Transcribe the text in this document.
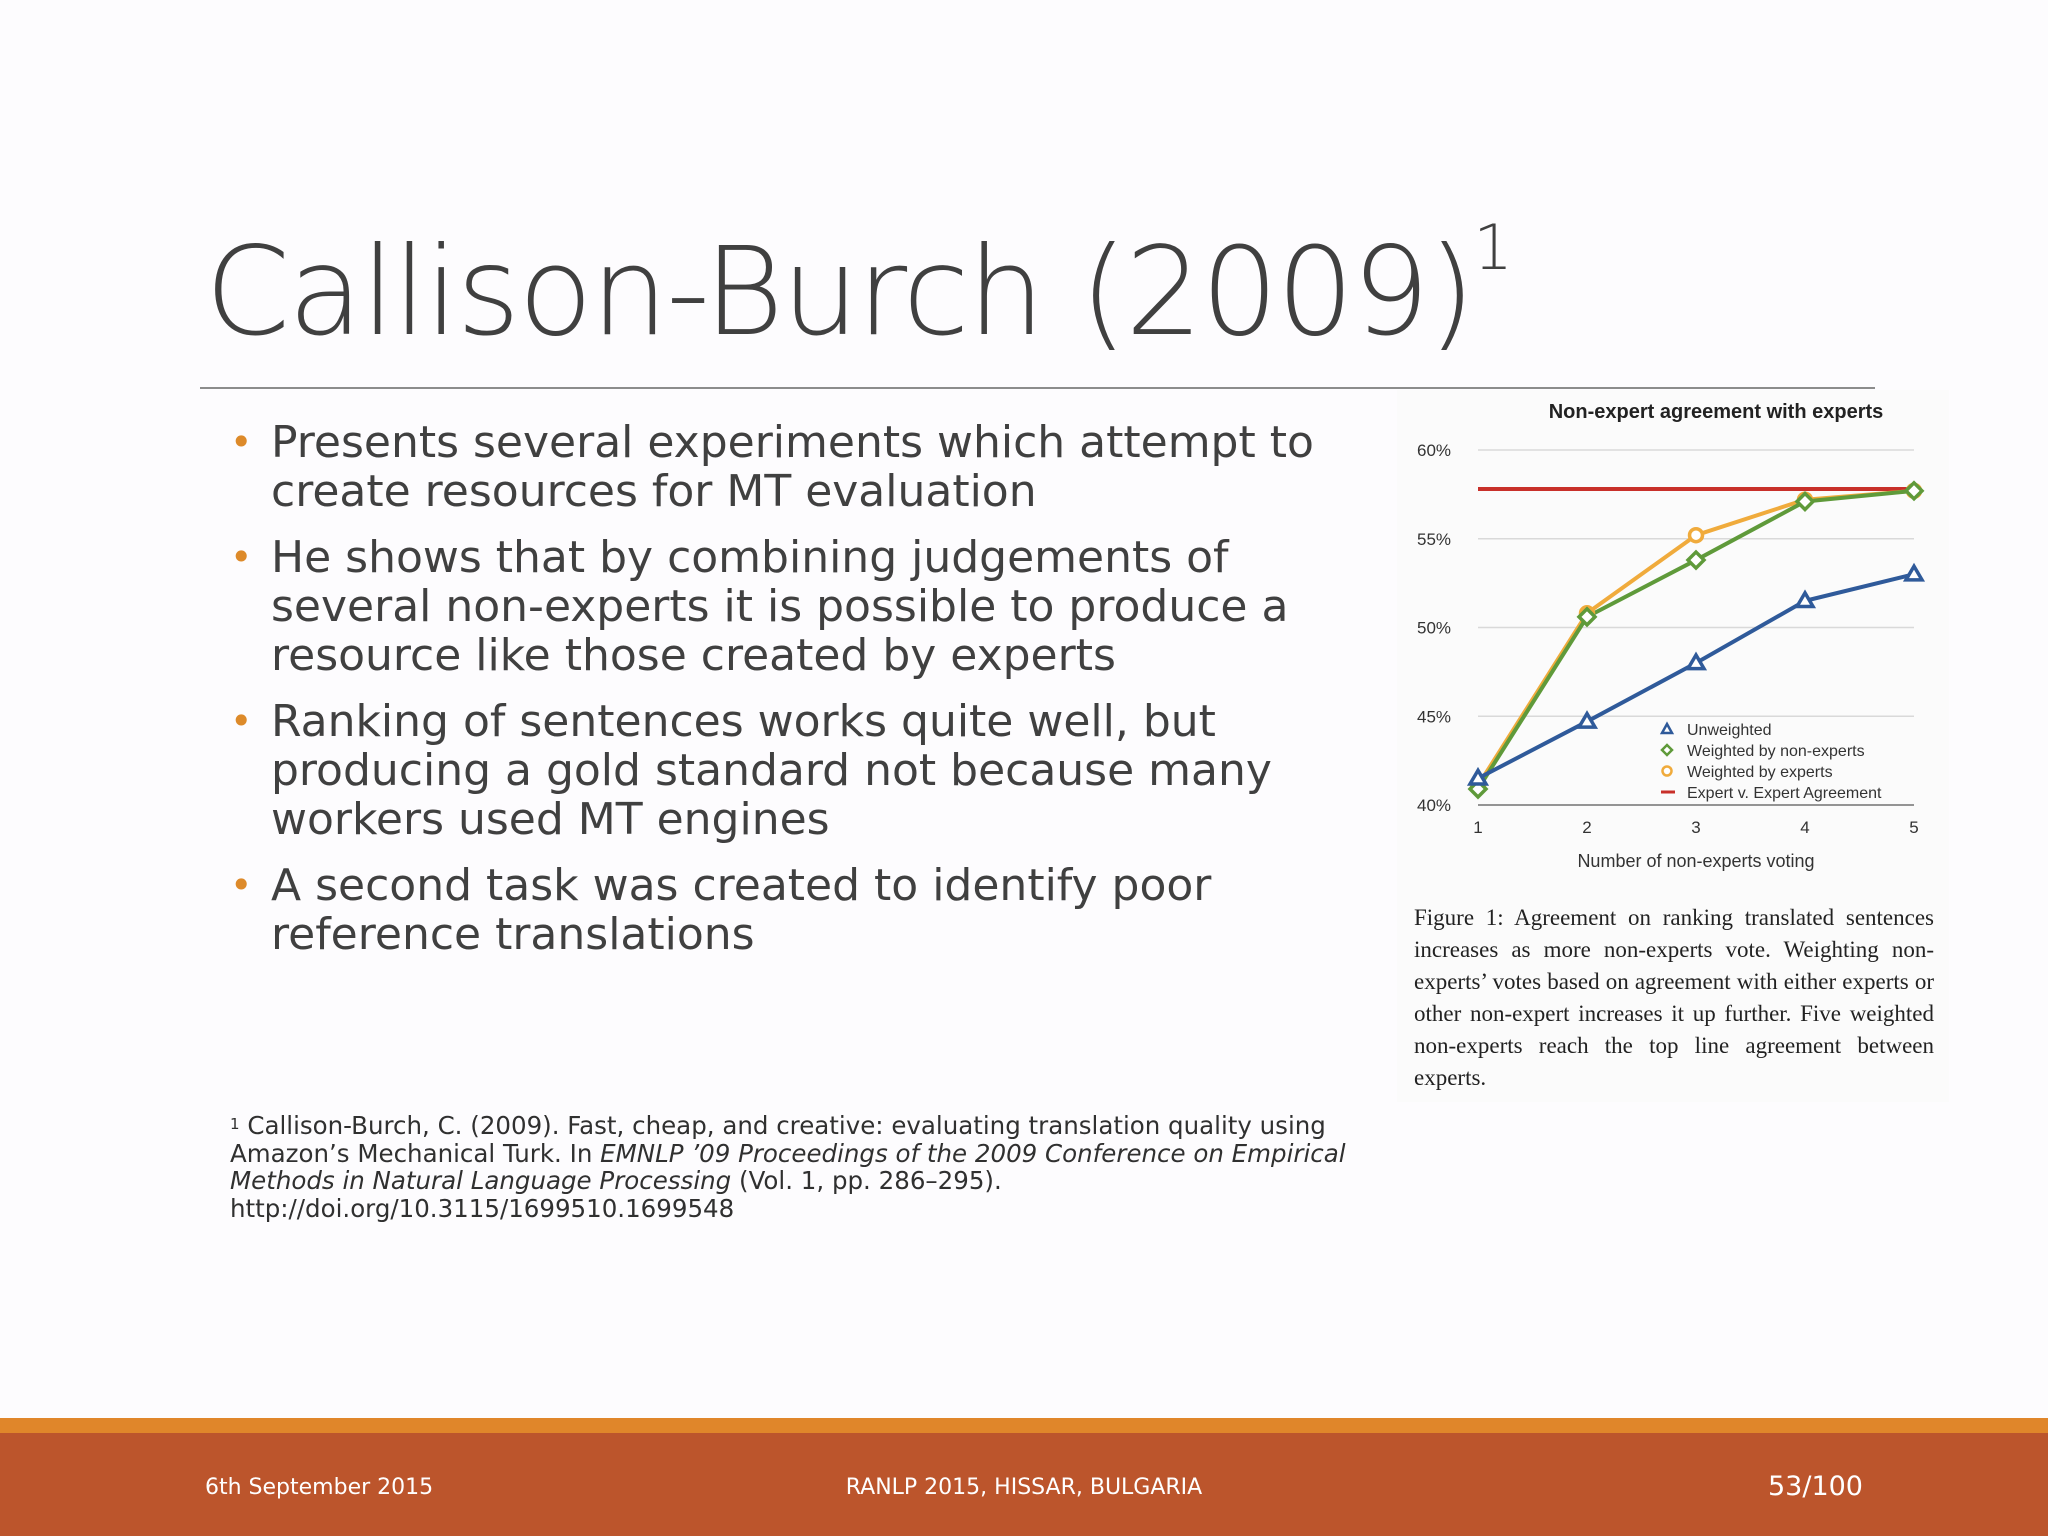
Callison-Burch $(2009)^1$
• Presents several experiments which attempt to create resources for MT evaluation
• He shows that by combining judgements of several non-experts it is possible to produce a resource like those created by experts
• Ranking of sentences works quite well, but producing a gold standard not because many workers used MT engines
• A second task was created to identify poor reference translations
$^1$ Callison-Burch, C. (2009). Fast, cheap, and creative: evaluating translation quality using Amazon’s Mechanical Turk. In EMNLP ’09 Proceedings of the 2009 Conference on Empirical Methods in Natural Language Processing (Vol. 1, pp. 286–295).
http://doi.org/10.3115/1699510.1699548
Non-expert agreement with experts
40%
45%
50%
55%
60%
1	2	3	4	5
Number of non-experts voting
Unweighted
Weighted by non-experts
Weighted by experts
Expert v. Expert Agreement
Figure 1: Agreement on ranking translated sentences increases as more non-experts vote. Weighting non-experts’ votes based on agreement with either experts or other non-expert increases it up further. Five weighted non-experts reach the top line agreement between experts.
6th September 2015	RANLP 2015, HISSAR, BULGARIA	53/100
